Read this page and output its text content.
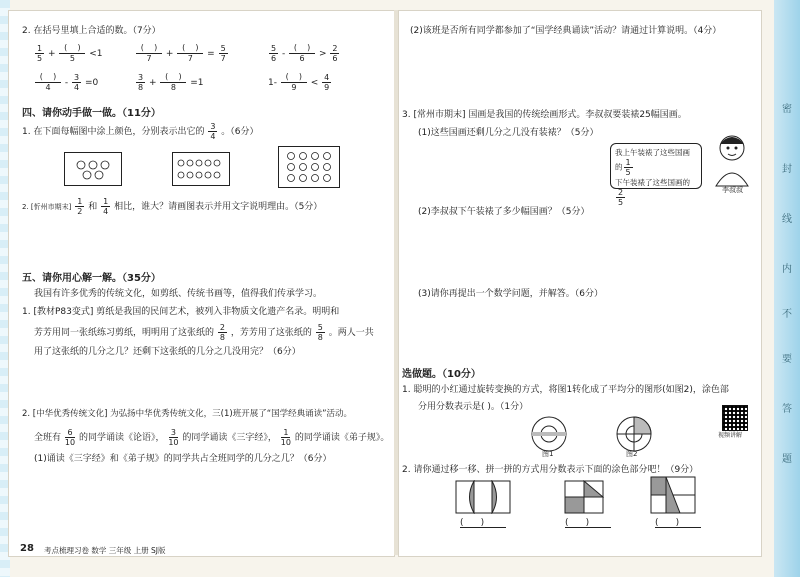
密
封
线
内
不
要
答
题
2. 在括号里填上合适的数。（7分）
$\frac{1}{5} + \frac{( )}{5} <1$	$\frac{( )}{7} + \frac{( )}{7} = \frac{5}{7}$	$\frac{5}{6} - \frac{( )}{6} > \frac{2}{6}$
$\frac{( )}{4} - \frac{3}{4} =0$	$\frac{3}{8} + \frac{( )}{8} =1$	$1- \frac{( )}{9} < \frac{4}{9}$
四、请你动手做一做。（11分）
1. 在下面每幅图中涂上颜色，分别表示出它的 $\frac{3}{4}$ 。（6分）
2. [忻州市期末] $\frac{1}{2}$ 和 $\frac{1}{4}$ 相比，谁大？请画图表示并用文字说明理由。（5分）
五、请你用心解一解。（35分）
我国有许多优秀的传统文化，如剪纸、传统书画等，值得我们传承学习。
1. [教材P83变式] 剪纸是我国的民间艺术，被列入非物质文化遗产名录。明明和
芳芳用同一张纸练习剪纸，明明用了这张纸的 $\frac{2}{8}$ ，芳芳用了这张纸的 $\frac{5}{8}$ 。两人一共
用了这张纸的几分之几？还剩下这张纸的几分之几没用完？（6分）
2. [中华优秀传统文化] 为弘扬中华优秀传统文化，三(1)班开展了“国学经典诵读”活动。
全班有 $\frac{6}{10}$ 的同学诵读《论语》， $\frac{3}{10}$ 的同学诵读《三字经》， $\frac{1}{10}$ 的同学诵读《弟子规》。
(1)诵读《三字经》和《弟子规》的同学共占全班同学的几分之几？（6分）
28 考点梳理习卷 数学 三年级 上册 SJ版
(2)该班是否所有同学都参加了“国学经典诵读”活动？请通过计算说明。（4分）
3. [常州市期末] 国画是我国的传统绘画形式。李叔叔要装裱25幅国画。
(1)这些国画还剩几分之几没有装裱？（5分）
我上午装裱了这些国画的 $\frac{1}{5}$
下午装裱了这些国画的
$\frac{2}{5}$	李叔叔
(2)李叔叔下午装裱了多少幅国画？（5分）
(3)请你再提出一个数学问题，并解答。（6分）
选做题。（10分）
1. 聪明的小红通过旋转变换的方式，将图1转化成了平均分的图形(如图2)，涂色部
分用分数表示是( )。（1分）
图1	图2
视频讲解
2. 请你通过移一移、拼一拼的方式用分数表示下面的涂色部分吧！（9分）
(      )	(      )	(      )
